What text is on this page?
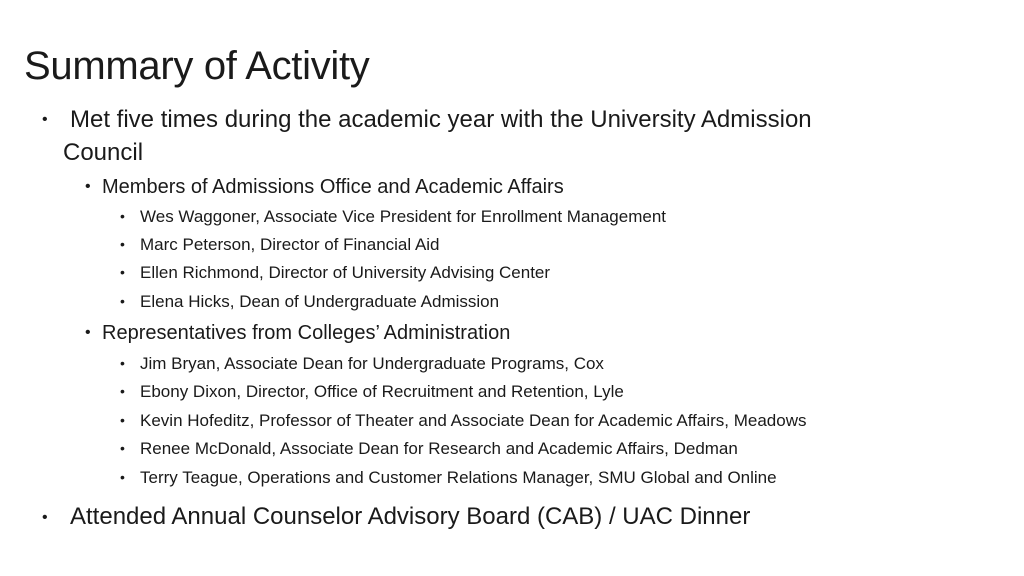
Summary of Activity
• Met five times during the academic year with the University Admission
Council
• Members of Admissions Office and Academic Affairs
• Wes Waggoner, Associate Vice President for Enrollment Management
• Marc Peterson, Director of Financial Aid
• Ellen Richmond, Director of University Advising Center
• Elena Hicks, Dean of Undergraduate Admission
• Representatives from Colleges’ Administration
• Jim Bryan, Associate Dean for Undergraduate Programs, Cox
• Ebony Dixon, Director, Office of Recruitment and Retention, Lyle
• Kevin Hofeditz, Professor of Theater and Associate Dean for Academic Affairs, Meadows
• Renee McDonald, Associate Dean for Research and Academic Affairs, Dedman
• Terry Teague, Operations and Customer Relations Manager, SMU Global and Online
• Attended Annual Counselor Advisory Board (CAB) / UAC Dinner
